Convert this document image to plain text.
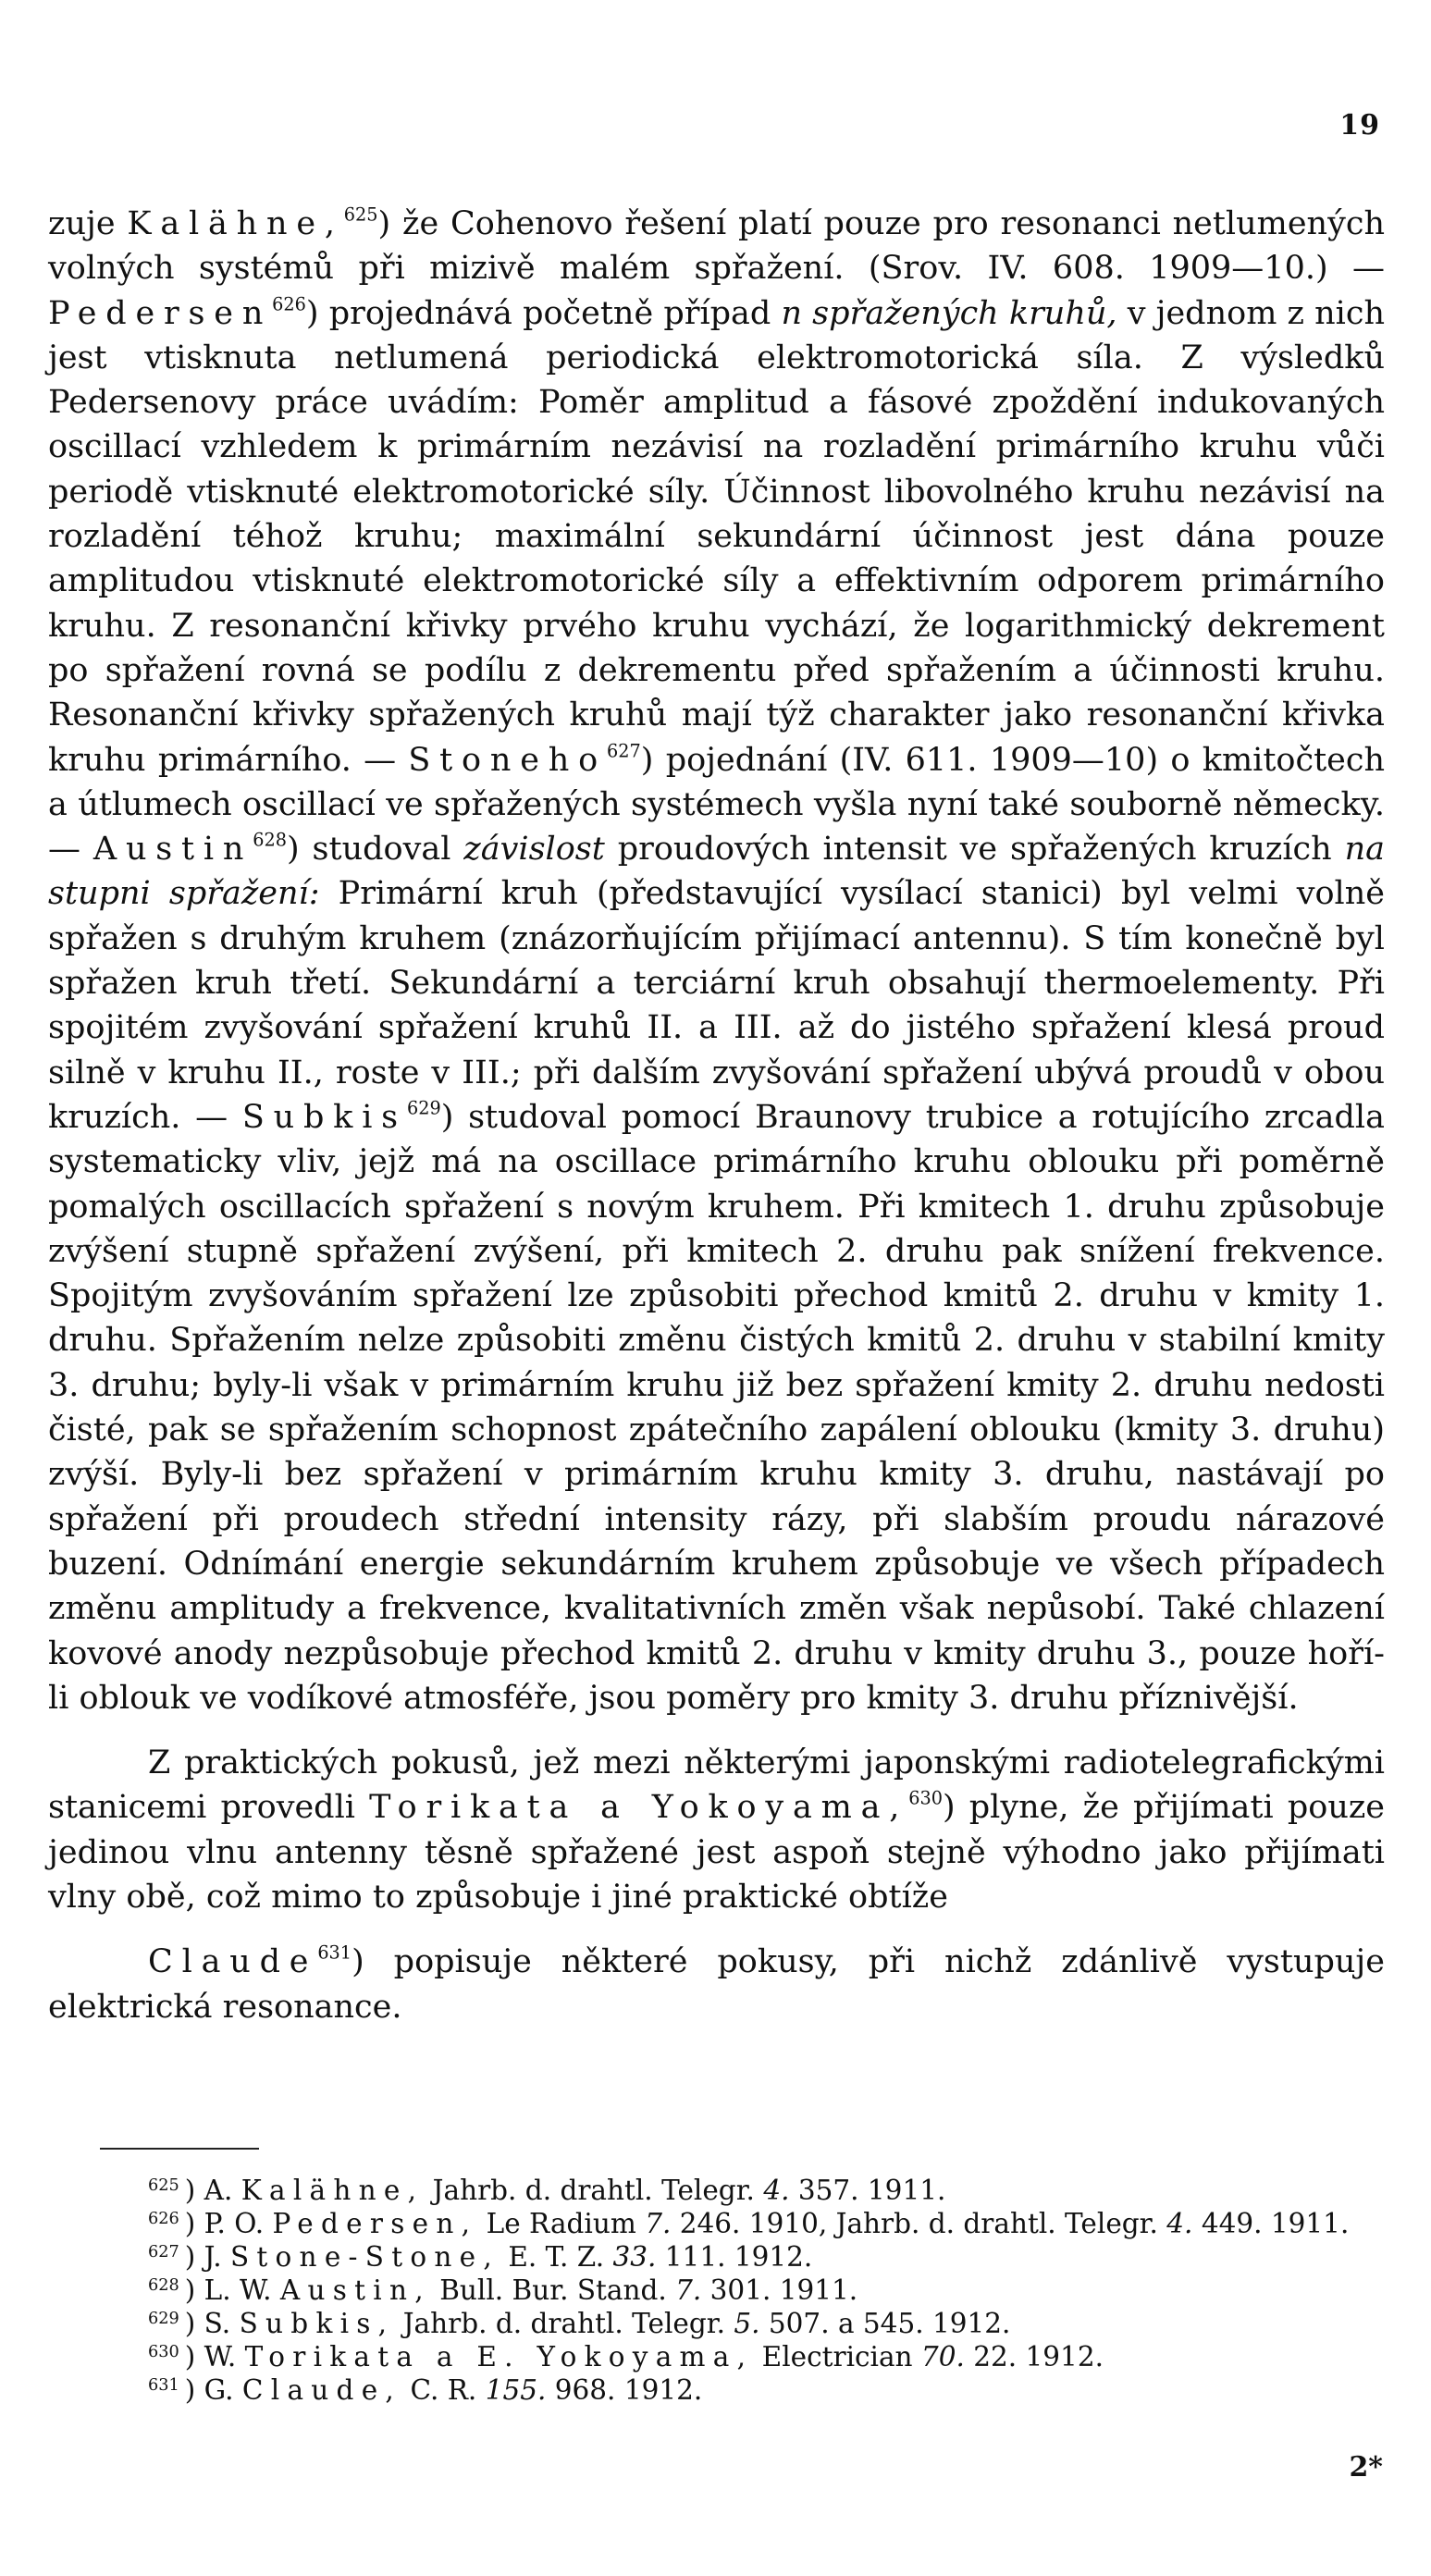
19

zuje Kalähne,$^{625}$) že Cohenovo řešení platí pouze pro resonanci netlumených volných systémů při mizivě malém spřažení. (Srov. IV. 608. 1909—10.) — Pedersen$^{626}$) projednává početně případ n spřažených kruhů, v jednom z nich jest vtisknuta netlumená periodická elektromotorická síla. Z výsledků Pedersenovy práce uvádím: Poměr amplitud a fásové zpoždění indukovaných oscillací vzhledem k primárním nezávisí na rozladění primárního kruhu vůči periodě vtisknuté elektromotorické síly. Účinnost libovolného kruhu nezávisí na rozladění téhož kruhu; maximální sekundární účinnost jest dána pouze amplitudou vtisknuté elektromotorické síly a effektivním odporem primárního kruhu. Z resonanční křivky prvého kruhu vychází, že logarithmický dekrement po spřažení rovná se podílu z dekrementu před spřažením a účinnosti kruhu. Resonanční křivky spřažených kruhů mají týž charakter jako resonanční křivka kruhu primárního. — Stoneho$^{627}$) pojednání (IV. 611. 1909—10) o kmitočtech a útlumech oscillací ve spřažených systémech vyšla nyní také souborně německy. — Austin$^{628}$) studoval závislost proudových intensit ve spřažených kruzích na stupni spřažení: Primární kruh (představující vysílací stanici) byl velmi volně spřažen s druhým kruhem (znázorňujícím přijímací antennu). S tím konečně byl spřažen kruh třetí. Sekundární a terciární kruh obsahují thermoelementy. Při spojitém zvyšování spřažení kruhů II. a III. až do jistého spřažení klesá proud silně v kruhu II., roste v III.; při dalším zvyšování spřažení ubývá proudů v obou kruzích. — Subkis$^{629}$) studoval pomocí Braunovy trubice a rotujícího zrcadla systematicky vliv, jejž má na oscillace primárního kruhu oblouku při poměrně pomalých oscillacích spřažení s novým kruhem. Při kmitech 1. druhu způsobuje zvýšení stupně spřažení zvýšení, při kmitech 2. druhu pak snížení frekvence. Spojitým zvyšováním spřažení lze způsobiti přechod kmitů 2. druhu v kmity 1. druhu. Spřažením nelze způsobiti změnu čistých kmitů 2. druhu v stabilní kmity 3. druhu; byly-li však v primárním kruhu již bez spřažení kmity 2. druhu nedosti čisté, pak se spřažením schopnost zpátečního zapálení oblouku (kmity 3. druhu) zvýší. Byly-li bez spřažení v primárním kruhu kmity 3. druhu, nastávají po spřažení při proudech střední intensity rázy, při slabším proudu nárazové buzení. Odnímání energie sekundárním kruhem způsobuje ve všech případech změnu amplitudy a frekvence, kvalitativních změn však nepůsobí. Také chlazení kovové anody nezpůsobuje přechod kmitů 2. druhu v kmity druhu 3., pouze hoří-li oblouk ve vodíkové atmosféře, jsou poměry pro kmity 3. druhu příznivější.

Z praktických pokusů, jež mezi některými japonskými radiotelegrafickými stanicemi provedli Torikata a Yokoyama,$^{630}$) plyne, že přijímati pouze jedinou vlnu antenny těsně spřažené jest aspoň stejně výhodno jako přijímati vlny obě, což mimo to způsobuje i jiné praktické obtíže

Claude$^{631}$) popisuje některé pokusy, při nichž zdánlivě vystupuje elektrická resonance.

$^{625}$ ) A. Kalähne, Jahrb. d. drahtl. Telegr. 4. 357. 1911.

$^{626}$ ) P. O. Pedersen, Le Radium 7. 246. 1910, Jahrb. d. drahtl. Telegr. 4. 449. 1911.

$^{627}$ ) J. Stone-Stone, E. T. Z. 33. 111. 1912.

$^{628}$ ) L. W. Austin, Bull. Bur. Stand. 7. 301. 1911.

$^{629}$ ) S. Subkis, Jahrb. d. drahtl. Telegr. 5. 507. a 545. 1912.

$^{630}$ ) W. Torikata a E. Yokoyama, Electrician 70. 22. 1912.

$^{631}$ ) G. Claude, C. R. 155. 968. 1912.

2*
